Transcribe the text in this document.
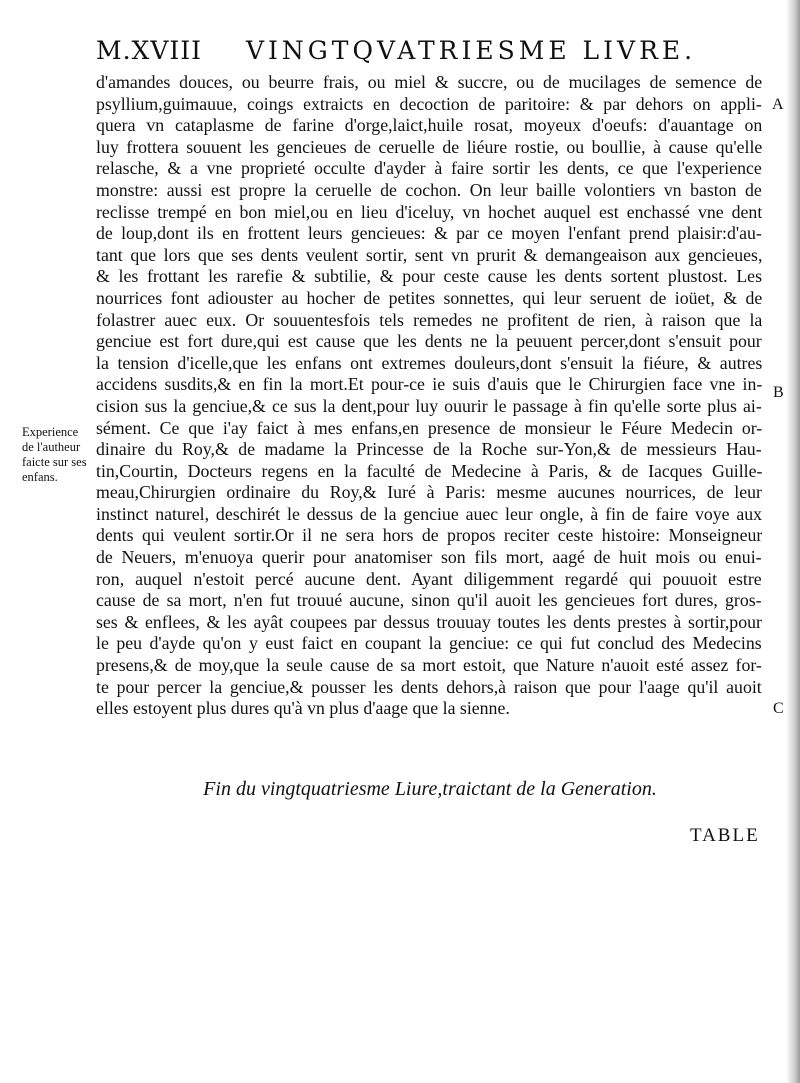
M.XVIII VINGTQVATRIESME LIVRE.
d'amandes douces, ou beurre frais, ou miel & succre, ou de mucilages de semence de
psyllium,guimauue, coings extraicts en decoction de paritoire: & par dehors on appli-
quera vn cataplasme de farine d'orge,laict,huile rosat, moyeux d'oeufs: d'auantage on
luy frottera souuent les gencieues de ceruelle de liéure rostie, ou boullie, à cause qu'elle
relasche, & a vne proprieté occulte d'ayder à faire sortir les dents, ce que l'experience
monstre: aussi est propre la ceruelle de cochon. On leur baille volontiers vn baston de
reclisse trempé en bon miel,ou en lieu d'iceluy, vn hochet auquel est enchassé vne dent
de loup,dont ils en frottent leurs gencieues: & par ce moyen l'enfant prend plaisir:d'au-
tant que lors que ses dents veulent sortir, sent vn prurit & demangeaison aux gencieues,
& les frottant les rarefie & subtilie, & pour ceste cause les dents sortent plustost. Les
nourrices font adiouster au hocher de petites sonnettes, qui leur seruent de ioüet, & de
folastrer auec eux. Or souuentesfois tels remedes ne profitent de rien, à raison que la
genciue est fort dure,qui est cause que les dents ne la peuuent percer,dont s'ensuit pour
la tension d'icelle,que les enfans ont extremes douleurs,dont s'ensuit la fiéure, & autres
accidens susdits,& en fin la mort.Et pour-ce ie suis d'auis que le Chirurgien face vne in-
cision sus la genciue,& ce sus la dent,pour luy ouurir le passage à fin qu'elle sorte plus ai-
sément. Ce que i'ay faict à mes enfans,en presence de monsieur le Féure Medecin or-
dinaire du Roy,& de madame la Princesse de la Roche sur-Yon,& de messieurs Hau-
tin,Courtin, Docteurs regens en la faculté de Medecine à Paris, & de Iacques Guille-
meau,Chirurgien ordinaire du Roy,& Iuré à Paris: mesme aucunes nourrices, de leur
instinct naturel, deschirét le dessus de la genciue auec leur ongle, à fin de faire voye aux
dents qui veulent sortir.Or il ne sera hors de propos reciter ceste histoire: Monseigneur
de Neuers, m'enuoya querir pour anatomiser son fils mort, aagé de huit mois ou enui-
ron, auquel n'estoit percé aucune dent. Ayant diligemment regardé qui pouuoit estre
cause de sa mort, n'en fut trouué aucune, sinon qu'il auoit les gencieues fort dures, gros-
ses & enflees, & les ayât coupees par dessus trouuay toutes les dents prestes à sortir,pour
le peu d'ayde qu'on y eust faict en coupant la genciue: ce qui fut conclud des Medecins
presens,& de moy,que la seule cause de sa mort estoit, que Nature n'auoit esté assez for-
te pour percer la genciue,& pousser les dents dehors,à raison que pour l'aage qu'il auoit
elles estoyent plus dures qu'à vn plus d'aage que la sienne.
A
B
C
Experience
de l'autheur
faicte sur ses
enfans.
Fin du vingtquatriesme Liure,traictant de la Generation.
TABLE
